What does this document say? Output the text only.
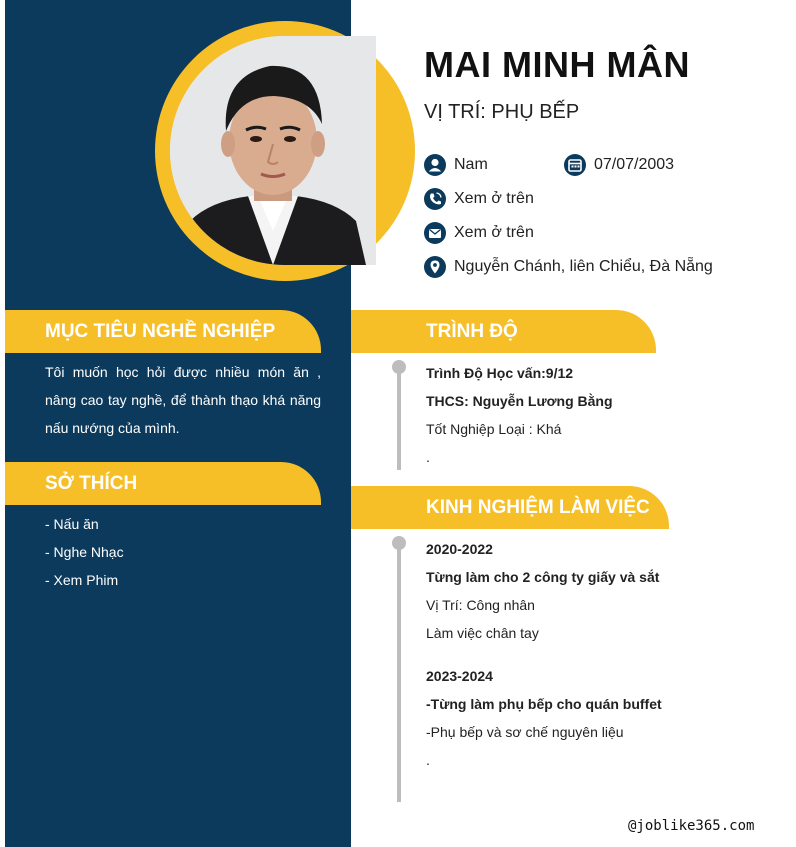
MAI MINH MÂN
VỊ TRÍ: PHỤ BẾP
Nam	07/07/2003
Xem ở trên
Xem ở trên
Nguyễn Chánh, liên Chiểu, Đà Nẵng
MỤC TIÊU NGHỀ NGHIỆP
Tôi muốn học hỏi được nhiều món ăn , nâng cao tay nghề, để thành thạo khá năng nấu nướng của mình.
SỞ THÍCH
- Nấu ăn
- Nghe Nhạc
- Xem Phim
TRÌNH ĐỘ
Trình Độ Học vấn:9/12
THCS: Nguyễn Lương Bằng
Tốt Nghiệp Loại : Khá
.
KINH NGHIỆM LÀM VIỆC
2020-2022
Từng làm cho 2 công ty giấy và sắt
Vị Trí: Công nhân
Làm việc chân tay
2023-2024
-Từng làm phụ bếp cho quán buffet
-Phụ bếp và sơ chế nguyên liệu
.
@joblike365.com
